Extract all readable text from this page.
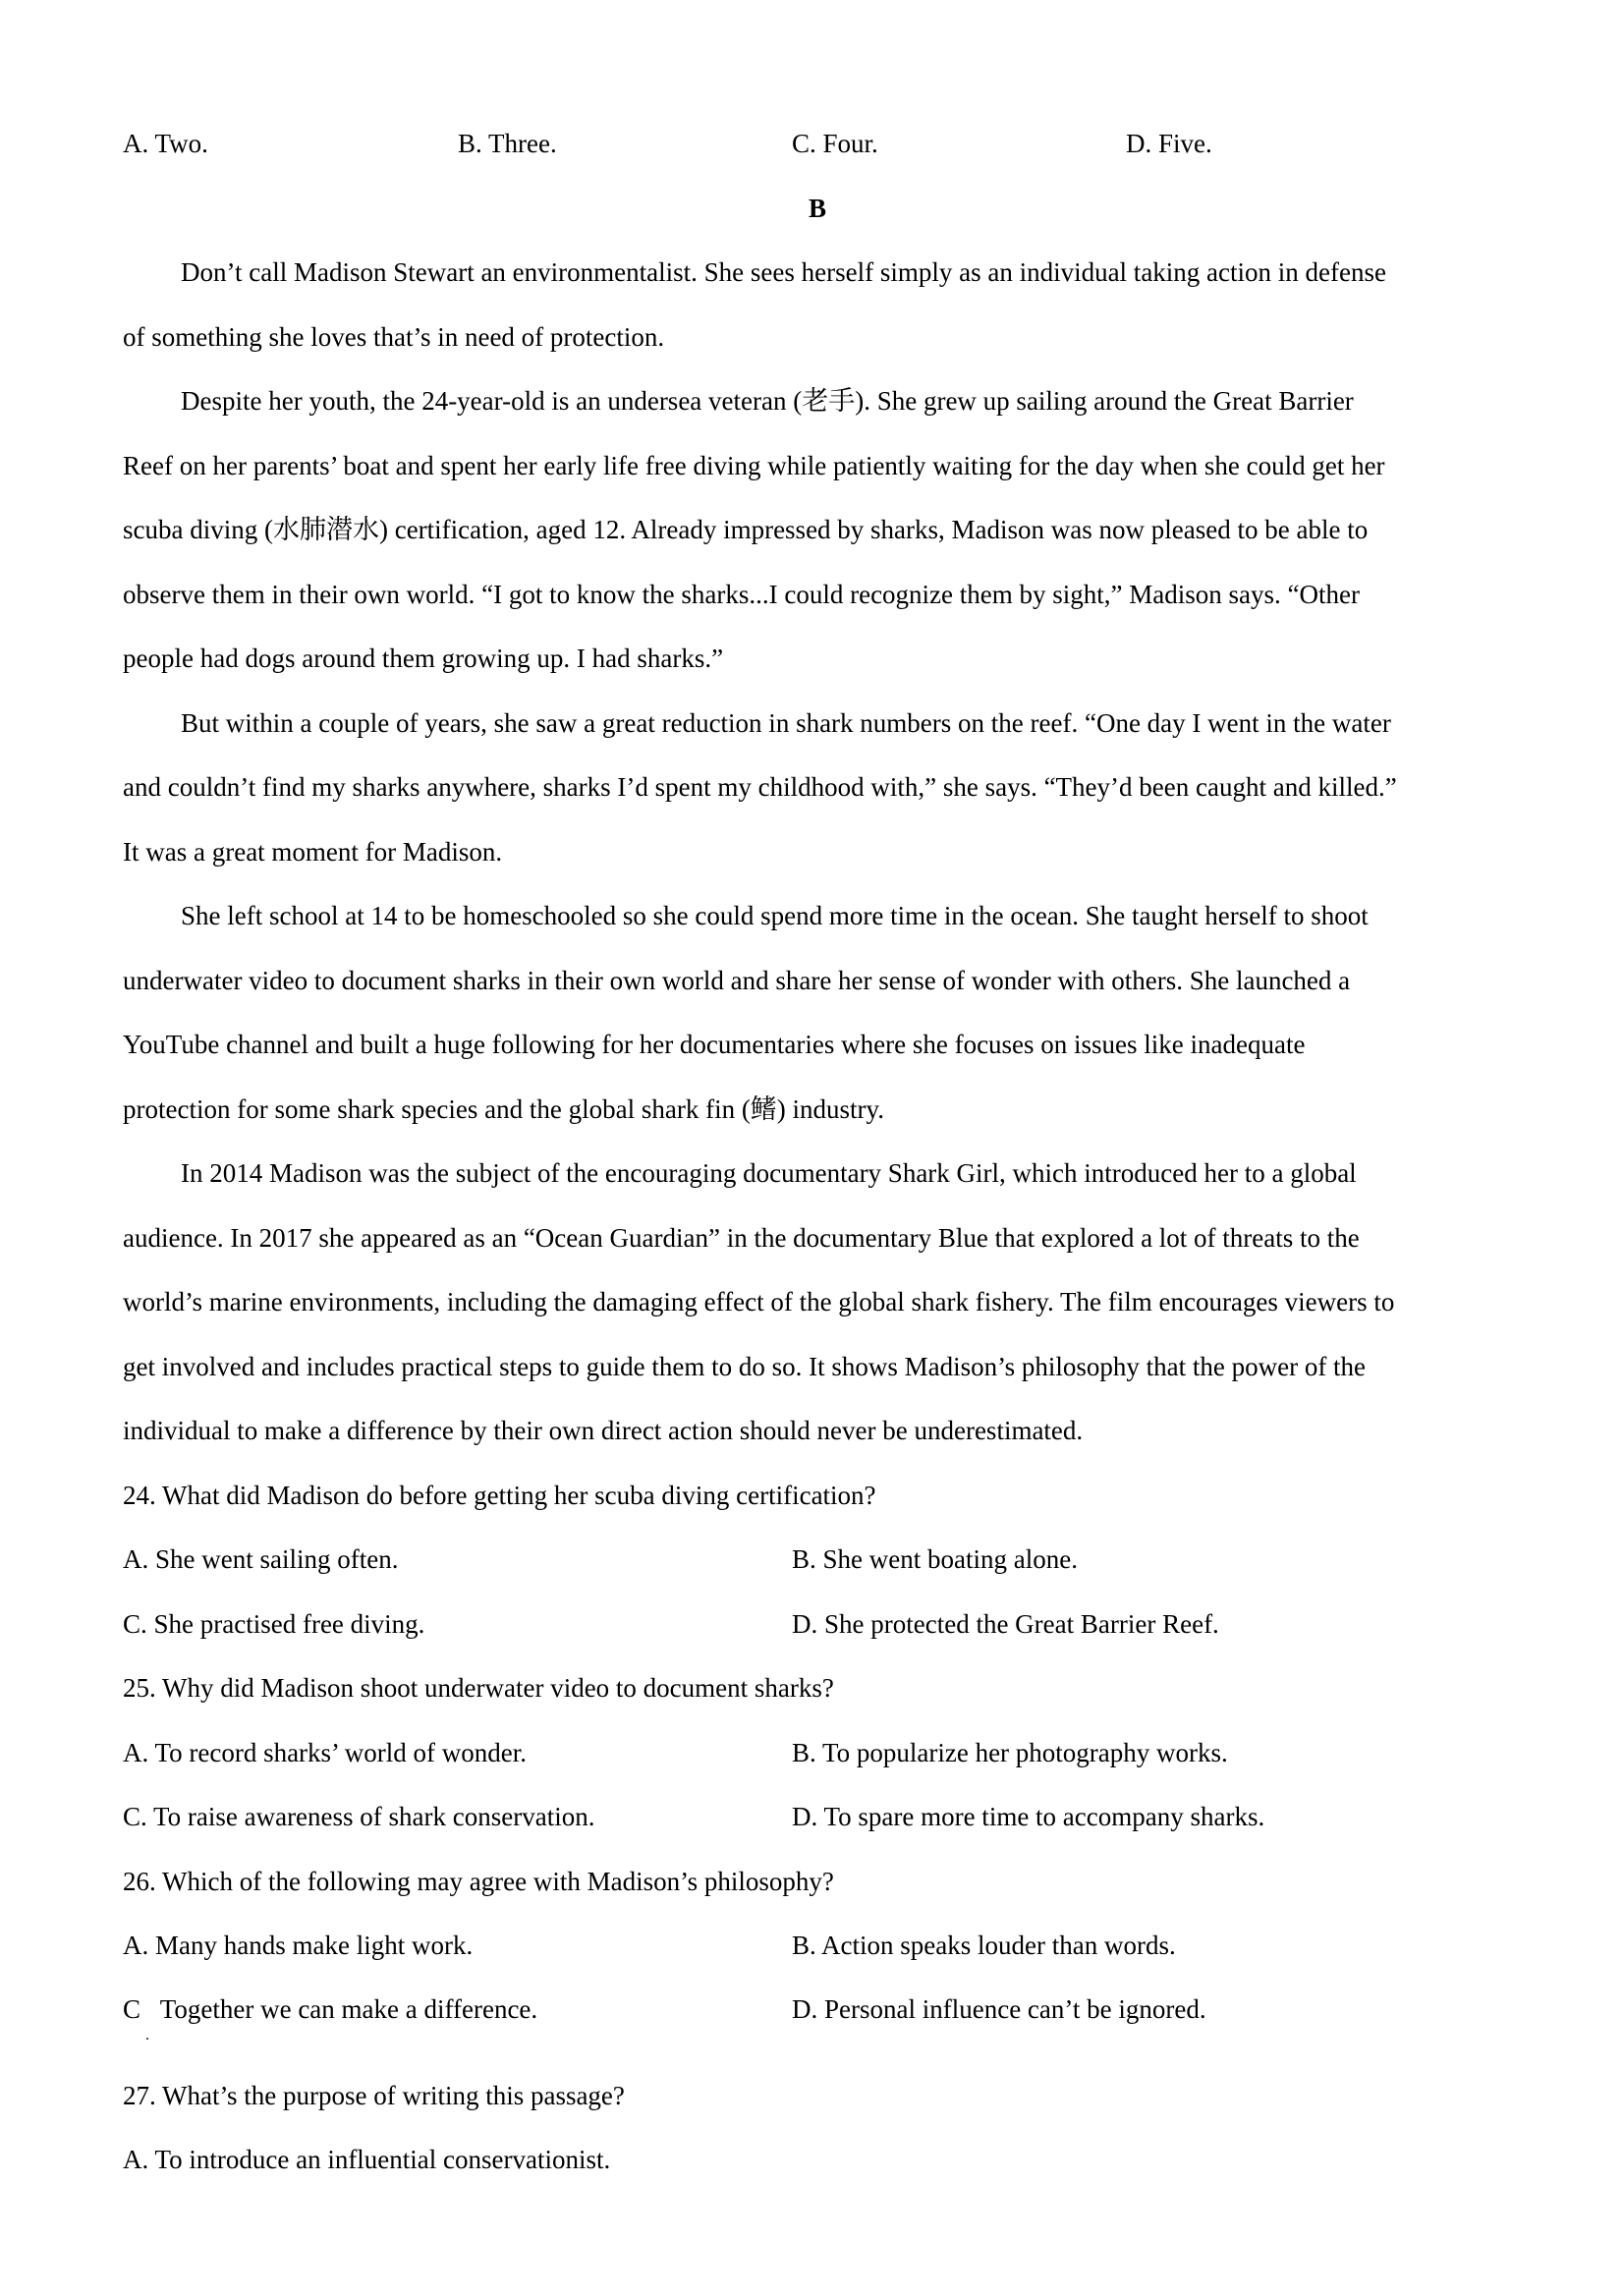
A. Two.	B. Three.	C. Four.	D. Five.
B
Don’t call Madison Stewart an environmentalist. She sees herself simply as an individual taking action in defense
of something she loves that’s in need of protection.
Despite her youth, the 24-year-old is an undersea veteran (老手). She grew up sailing around the Great Barrier
Reef on her parents’ boat and spent her early life free diving while patiently waiting for the day when she could get her
scuba diving (水肺潜水) certification, aged 12. Already impressed by sharks, Madison was now pleased to be able to
observe them in their own world. “I got to know the sharks...I could recognize them by sight,” Madison says. “Other
people had dogs around them growing up. I had sharks.”
But within a couple of years, she saw a great reduction in shark numbers on the reef. “One day I went in the water
and couldn’t find my sharks anywhere, sharks I’d spent my childhood with,” she says. “They’d been caught and killed.”
It was a great moment for Madison.
She left school at 14 to be homeschooled so she could spend more time in the ocean. She taught herself to shoot
underwater video to document sharks in their own world and share her sense of wonder with others. She launched a
YouTube channel and built a huge following for her documentaries where she focuses on issues like inadequate
protection for some shark species and the global shark fin (鳍) industry.
In 2014 Madison was the subject of the encouraging documentary Shark Girl, which introduced her to a global
audience. In 2017 she appeared as an “Ocean Guardian” in the documentary Blue that explored a lot of threats to the
world’s marine environments, including the damaging effect of the global shark fishery. The film encourages viewers to
get involved and includes practical steps to guide them to do so. It shows Madison’s philosophy that the power of the
individual to make a difference by their own direct action should never be underestimated.
24. What did Madison do before getting her scuba diving certification?
A. She went sailing often.	B. She went boating alone.
C. She practised free diving.	D. She protected the Great Barrier Reef.
25. Why did Madison shoot underwater video to document sharks?
A. To record sharks’ world of wonder.	B. To popularize her photography works.
C. To raise awareness of shark conservation.	D. To spare more time to accompany sharks.
26. Which of the following may agree with Madison’s philosophy?
A. Many hands make light work.	B. Action speaks louder than words.
C   Together we can make a difference.	D. Personal influence can’t be ignored.
.
27. What’s the purpose of writing this passage?
A. To introduce an influential conservationist.
